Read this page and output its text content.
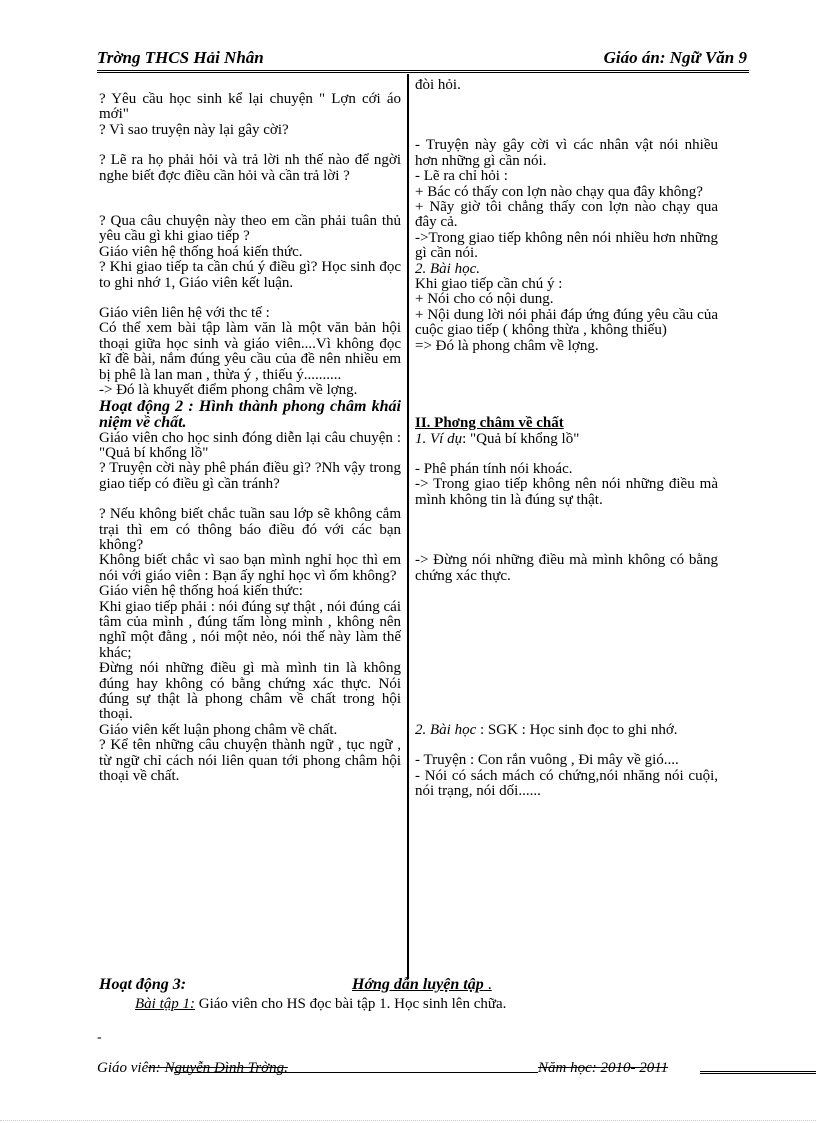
Trờng THCS Hải Nhân	Giáo án: Ngữ Văn 9

? Yêu cầu học sinh kể lại chuyện " Lợn cới áo mới"

? Vì sao truyện này lại gây cời?

? Lẽ ra họ phải hỏi và trả lời nh thế nào để ngời nghe biết đợc điều cần hỏi và cần trả lời ?

? Qua câu chuyện này theo em cần phải tuân thủ yêu cầu gì khi giao tiếp ?

Giáo viên hệ thống hoá kiến thức.

? Khi giao tiếp ta cần chú ý điều gì? Học sinh đọc to ghi nhớ 1, Giáo viên kết luận.

Giáo viên liên hệ với thc tế :

Có thể xem bài tập làm văn là một văn bản hội thoại giữa học sinh và giáo viên....Vì không đọc kĩ đề bài, nắm đúng yêu cầu của đề nên nhiều em bị phê là lan man , thừa ý , thiếu ý..........

-> Đó là khuyết điểm phong châm về lợng.

Hoạt động 2 : Hình thành phong châm khái niệm về chất.

Giáo viên cho học sinh đóng diễn lại câu chuyện : "Quả bí khổng lồ"

? Truyện cời này phê phán điều gì? ?Nh vậy trong giao tiếp có điều gì cần tránh?

? Nếu không biết chắc tuần sau lớp sẽ không cắm trại thì em có thông báo điều đó với các bạn không?

Không biết chắc vì sao bạn mình nghỉ học thì em nói với giáo viên : Bạn ấy nghỉ học vì ốm không?

Giáo viên hệ thống hoá kiến thức:

Khi giao tiếp phải : nói đúng sự thật , nói đúng cái tâm của mình , đúng tấm lòng mình , không nên nghĩ một đằng , nói một nẻo, nói thế này làm thế khác;

Đừng nói những điều gì mà mình tin là không đúng hay không có bằng chứng xác thực. Nói đúng sự thật là phong châm về chất trong hội thoại.

Giáo viên kết luận phong châm về chất.

? Kể tên những câu chuyện thành ngữ , tục ngữ , từ ngữ chỉ cách nói liên quan tới phong châm hội thoại về chất.

đòi hỏi.

- Truyện này gây cời vì các nhân vật nói nhiều hơn những gì cần nói.

- Lẽ ra chỉ hỏi :

+ Bác có thấy con lợn nào chạy qua đây không?

+ Nãy giờ tôi chẳng thấy con lợn nào chạy qua đây cả.

->Trong giao tiếp không nên nói nhiều hơn những gì cần nói.

2. Bài học.

Khi giao tiếp cần chú ý :

+ Nói cho có nội dung.

+ Nội dung lời nói phải đáp ứng đúng yêu cầu của cuộc giao tiếp ( không thừa , không thiếu)

=> Đó là phong châm về lợng.

II. Phơng châm về chất

1. Ví dụ: "Quả bí khổng lồ"

- Phê phán tính nói khoác.

-> Trong giao tiếp không nên nói những điều mà mình không tin là đúng sự thật.

-> Đừng nói những điều mà mình không có bằng chứng xác thực.

2. Bài học : SGK : Học sinh đọc to ghi nhớ.

- Truyện : Con rắn vuông , Đi mây về gió....

- Nói có sách mách có chứng,nói nhăng nói cuội, nói trạng, nói dối......

Hoạt động 3:	Hớng dẫn luyện tập .
Bài tập 1: Giáo viên cho HS đọc bài tập 1. Học sinh lên chữa.
-
Giáo viên: Nguyễn Đình Trờng.	Năm học: 2010- 2011
